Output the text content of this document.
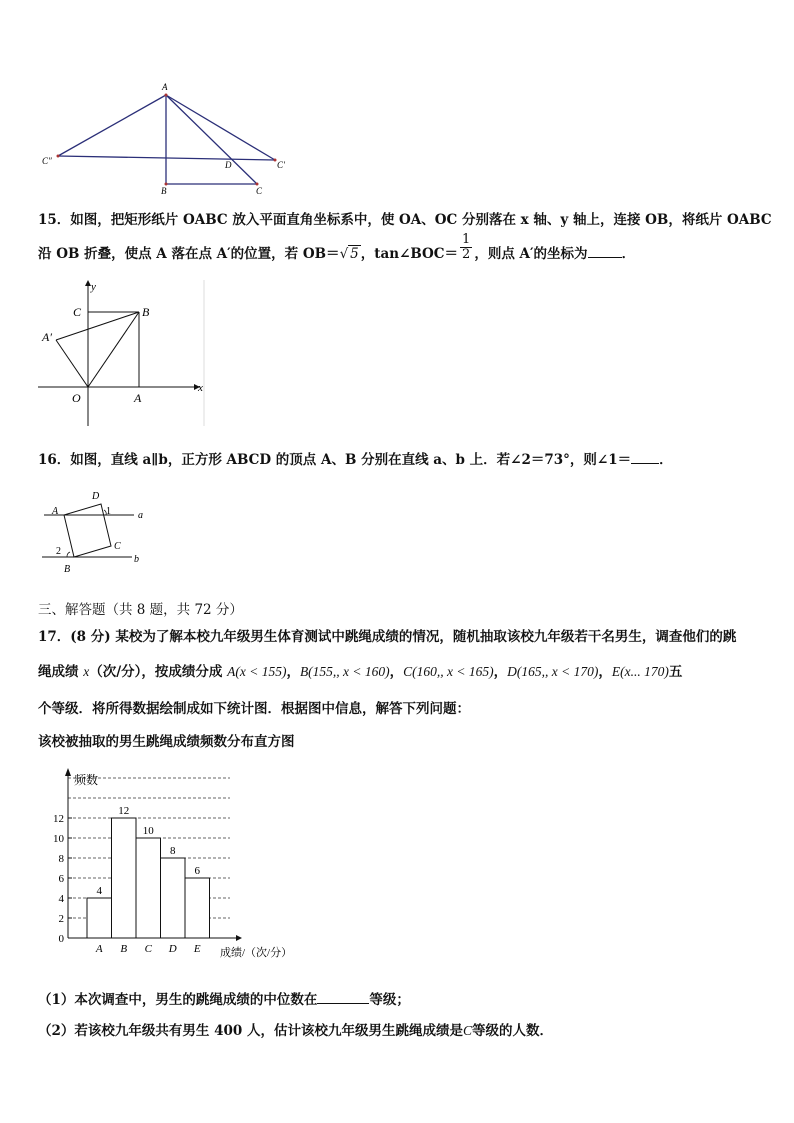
A
C″	D	C′
B	C
15．如图，把矩形纸片 OABC 放入平面直角坐标系中，使 OA、OC 分别落在 x 轴、y 轴上，连接 OB，将纸片 OABC
沿 OB 折叠，使点 A 落在点 A′的位置，若 OB＝√ 5 ，tan∠BOC＝ $\frac{1}{2}$ ，则点 A′的坐标为	．
y
C	B
A′
O	A
x
16．如图，直线 a∥b，正方形 ABCD 的顶点 A、B 分别在直线 a、b 上．若∠2＝73°，则∠1＝ ．
A
D
1	a
2	C
B
b
三、解答题（共 8 题，共 72 分）
17．(8 分) 某校为了解本校九年级男生体育测试中跳绳成绩的情况，随机抽取该校九年级若干名男生，调查他们的跳
绳成绩 x（次/分），按成绩分成 A(x < 155)，B(155,, x < 160)，C(160,, x < 165)，D(165,, x < 170)，E(x... 170)五
个等级．将所得数据绘制成如下统计图．根据图中信息，解答下列问题：
该校被抽取的男生跳绳成绩频数分布直方图
频数
0
2
4
6
8
10
12
4
A
12
B
10
C
8
D
6
E 成绩/（次/分）
（1）本次调查中，男生的跳绳成绩的中位数在	等级；
（2）若该校九年级共有男生 400 人，估计该校九年级男生跳绳成绩是C等级的人数．
